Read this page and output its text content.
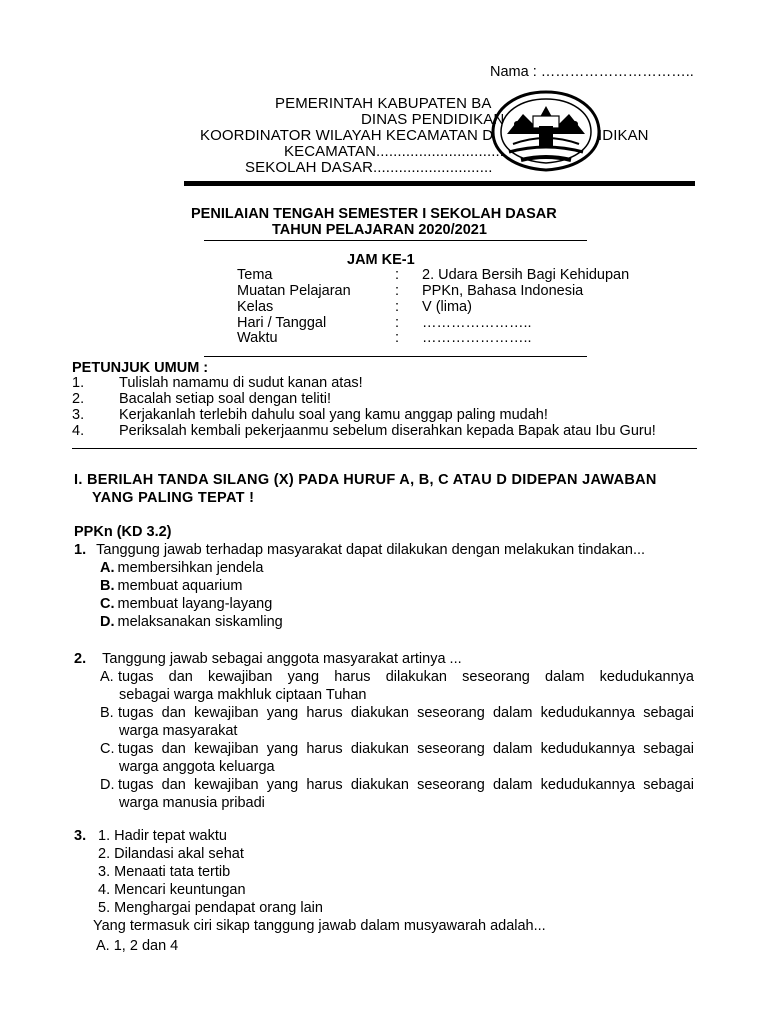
Nama : …………………………..
PEMERINTAH KABUPATEN BA
DINAS PENDIDIKAN
KOORDINATOR WILAYAH KECAMATAN D	IDIKAN
KECAMATAN..............................
SEKOLAH DASAR............................
PENILAIAN TENGAH SEMESTER I SEKOLAH DASAR
TAHUN PELAJARAN 2020/2021
JAM KE-1
Tema	: 2. Udara Bersih Bagi Kehidupan
Muatan Pelajaran	: PPKn, Bahasa Indonesia
Kelas	: V (lima)
Hari / Tanggal	: …………………..
Waktu	: …………………..
PETUNJUK UMUM :
1. Tulislah namamu di sudut kanan atas!
2. Bacalah setiap soal dengan teliti!
3. Kerjakanlah terlebih dahulu soal yang kamu anggap paling mudah!
4. Periksalah kembali pekerjaanmu sebelum diserahkan kepada Bapak atau Ibu Guru!
I. BERILAH TANDA SILANG (X) PADA HURUF A, B, C ATAU D DIDEPAN JAWABAN
YANG PALING TEPAT !
PPKn (KD 3.2)
1. Tanggung jawab terhadap masyarakat dapat dilakukan dengan melakukan tindakan...
A. membersihkan jendela
B. membuat aquarium
C. membuat layang-layang
D. melaksanakan siskamling
2. Tanggung jawab sebagai anggota masyarakat artinya ...
A. tugas dan kewajiban yang harus dilakukan seseorang dalam kedudukannya
sebagai warga makhluk ciptaan Tuhan
B. tugas dan kewajiban yang harus diakukan seseorang dalam kedudukannya sebagai
warga masyarakat
C. tugas dan kewajiban yang harus diakukan seseorang dalam kedudukannya sebagai
warga anggota keluarga
D. tugas dan kewajiban yang harus diakukan seseorang dalam kedudukannya sebagai
warga manusia pribadi
3. 1. Hadir tepat waktu
2. Dilandasi akal sehat
3. Menaati tata tertib
4. Mencari keuntungan
5. Menghargai pendapat orang lain
Yang termasuk ciri sikap tanggung jawab dalam musyawarah adalah...
A. 1, 2 dan 4
